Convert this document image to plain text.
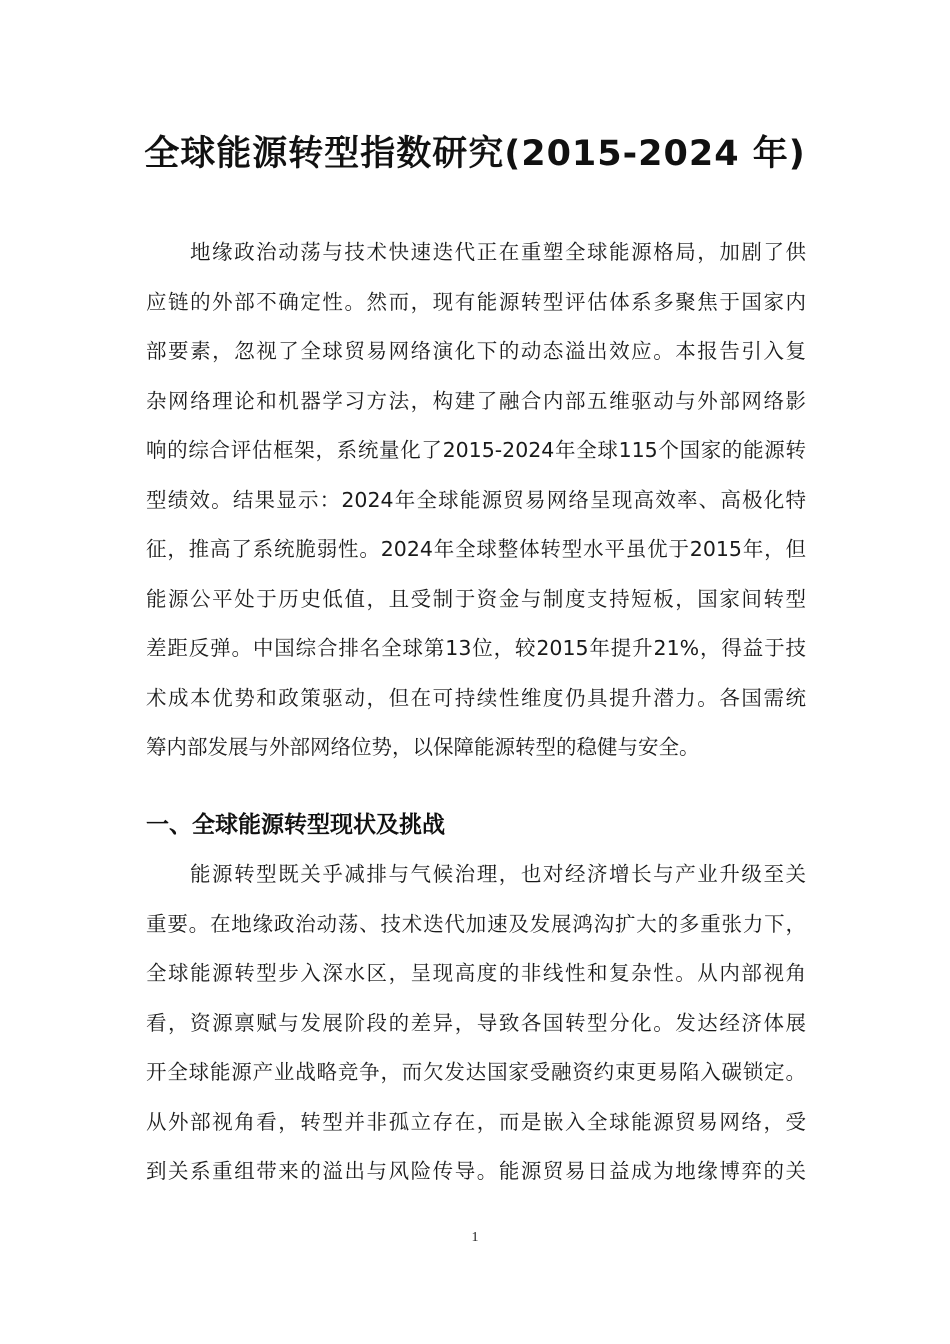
全球能源转型指数研究(2015-2024 年)
地缘政治动荡与技术快速迭代正在重塑全球能源格局，加剧了供
应链的外部不确定性。然而，现有能源转型评估体系多聚焦于国家内
部要素，忽视了全球贸易网络演化下的动态溢出效应。本报告引入复
杂网络理论和机器学习方法，构建了融合内部五维驱动与外部网络影
响的综合评估框架，系统量化了2015-2024年全球115个国家的能源转
型绩效。结果显示：2024年全球能源贸易网络呈现高效率、高极化特
征，推高了系统脆弱性。2024年全球整体转型水平虽优于2015年，但
能源公平处于历史低值，且受制于资金与制度支持短板，国家间转型
差距反弹。中国综合排名全球第13位，较2015年提升21%，得益于技
术成本优势和政策驱动，但在可持续性维度仍具提升潜力。各国需统
筹内部发展与外部网络位势，以保障能源转型的稳健与安全。
一、全球能源转型现状及挑战
能源转型既关乎减排与气候治理，也对经济增长与产业升级至关
重要。在地缘政治动荡、技术迭代加速及发展鸿沟扩大的多重张力下，
全球能源转型步入深水区，呈现高度的非线性和复杂性。从内部视角
看，资源禀赋与发展阶段的差异，导致各国转型分化。发达经济体展
开全球能源产业战略竞争，而欠发达国家受融资约束更易陷入碳锁定。
从外部视角看，转型并非孤立存在，而是嵌入全球能源贸易网络，受
到关系重组带来的溢出与风险传导。能源贸易日益成为地缘博弈的关
1
